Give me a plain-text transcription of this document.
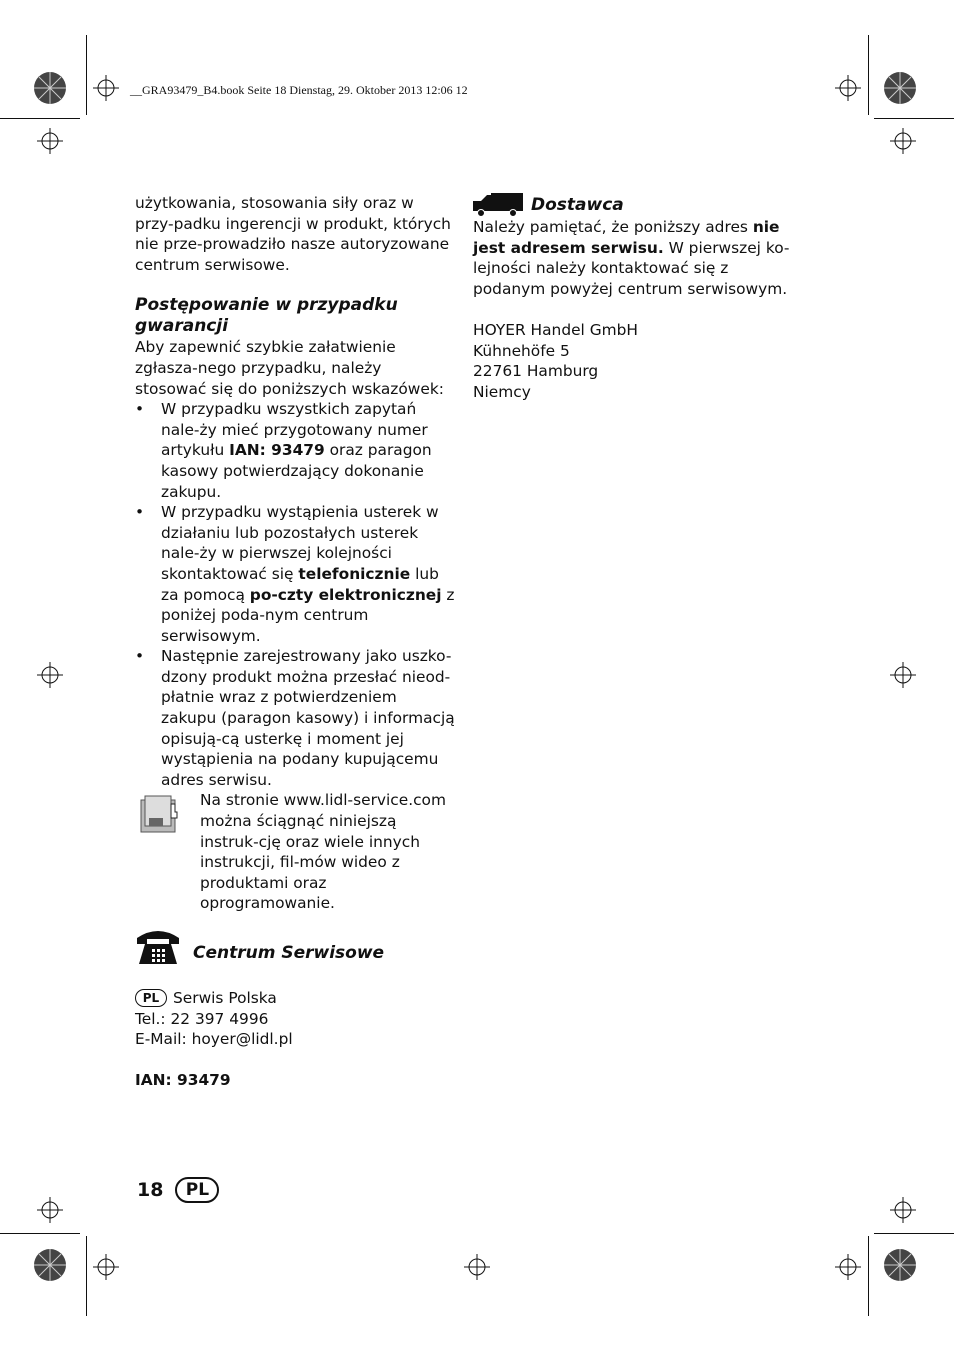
__GRA93479_B4.book Seite 18 Dienstag, 29. Oktober 2013 12:06 12

użytkowania, stosowania siły oraz w przy-padku ingerencji w produkt, których nie prze-prowadziło nasze autoryzowane centrum serwisowe.

Postępowanie w przypadku

gwarancji

Aby zapewnić szybkie załatwienie zgłasza-nego przypadku, należy stosować się do poniższych wskazówek:

• W przypadku wszystkich zapytań nale-ży mieć przygotowany numer artykułu IAN: 93479 oraz paragon kasowy potwierdzający dokonanie zakupu.
• W przypadku wystąpienia usterek w działaniu lub pozostałych usterek nale-ży w pierwszej kolejności skontaktować się telefonicznie lub za pomocą po-czty elektronicznej z poniżej poda-nym centrum serwisowym.
• Następnie zarejestrowany jako uszko-dzony produkt można przesłać nieod-płatnie wraz z potwierdzeniem zakupu (paragon kasowy) i informacją opisują-cą usterkę i moment jej wystąpienia na podany kupującemu adres serwisu.

Na stronie www.lidl-service.com można ściągnąć niniejszą instruk-cję oraz wiele innych instrukcji, fil-mów wideo z produktami oraz oprogramowanie.

Centrum Serwisowe

PL Serwis Polska

Tel.: 22 397 4996

E-Mail: hoyer@lidl.pl

IAN: 93479

Dostawca

Należy pamiętać, że poniższy adres nie jest adresem serwisu. W pierwszej ko-lejności należy kontaktować się z podanym powyżej centrum serwisowym.

HOYER Handel GmbH

Kühnehöfe 5

22761 Hamburg

Niemcy

18	PL
